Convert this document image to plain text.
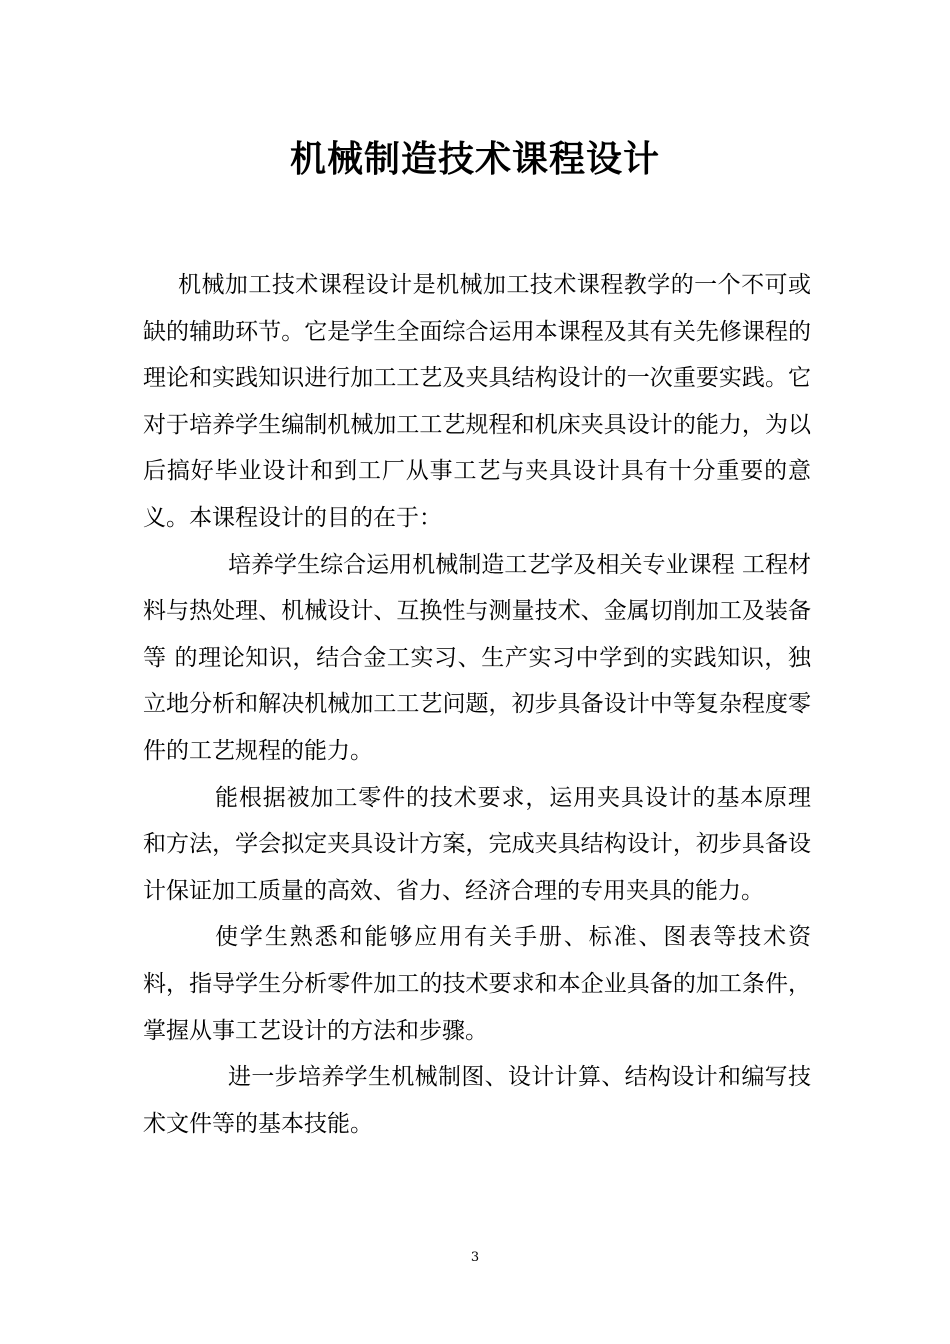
机械制造技术课程设计

机械加工技术课程设计是机械加工技术课程教学的一个不可或缺的辅助环节。它是学生全面综合运用本课程及其有关先修课程的理论和实践知识进行加工工艺及夹具结构设计的一次重要实践。它对于培养学生编制机械加工工艺规程和机床夹具设计的能力，为以后搞好毕业设计和到工厂从事工艺与夹具设计具有十分重要的意义。本课程设计的目的在于：

培养学生综合运用机械制造工艺学及相关专业课程 工程材料与热处理、机械设计、互换性与测量技术、金属切削加工及装备等 的理论知识，结合金工实习、生产实习中学到的实践知识，独立地分析和解决机械加工工艺问题，初步具备设计中等复杂程度零件的工艺规程的能力。

能根据被加工零件的技术要求，运用夹具设计的基本原理和方法，学会拟定夹具设计方案，完成夹具结构设计，初步具备设计保证加工质量的高效、省力、经济合理的专用夹具的能力。

使学生熟悉和能够应用有关手册、标准、图表等技术资料，指导学生分析零件加工的技术要求和本企业具备的加工条件，掌握从事工艺设计的方法和步骤。

进一步培养学生机械制图、设计计算、结构设计和编写技术文件等的基本技能。

3
